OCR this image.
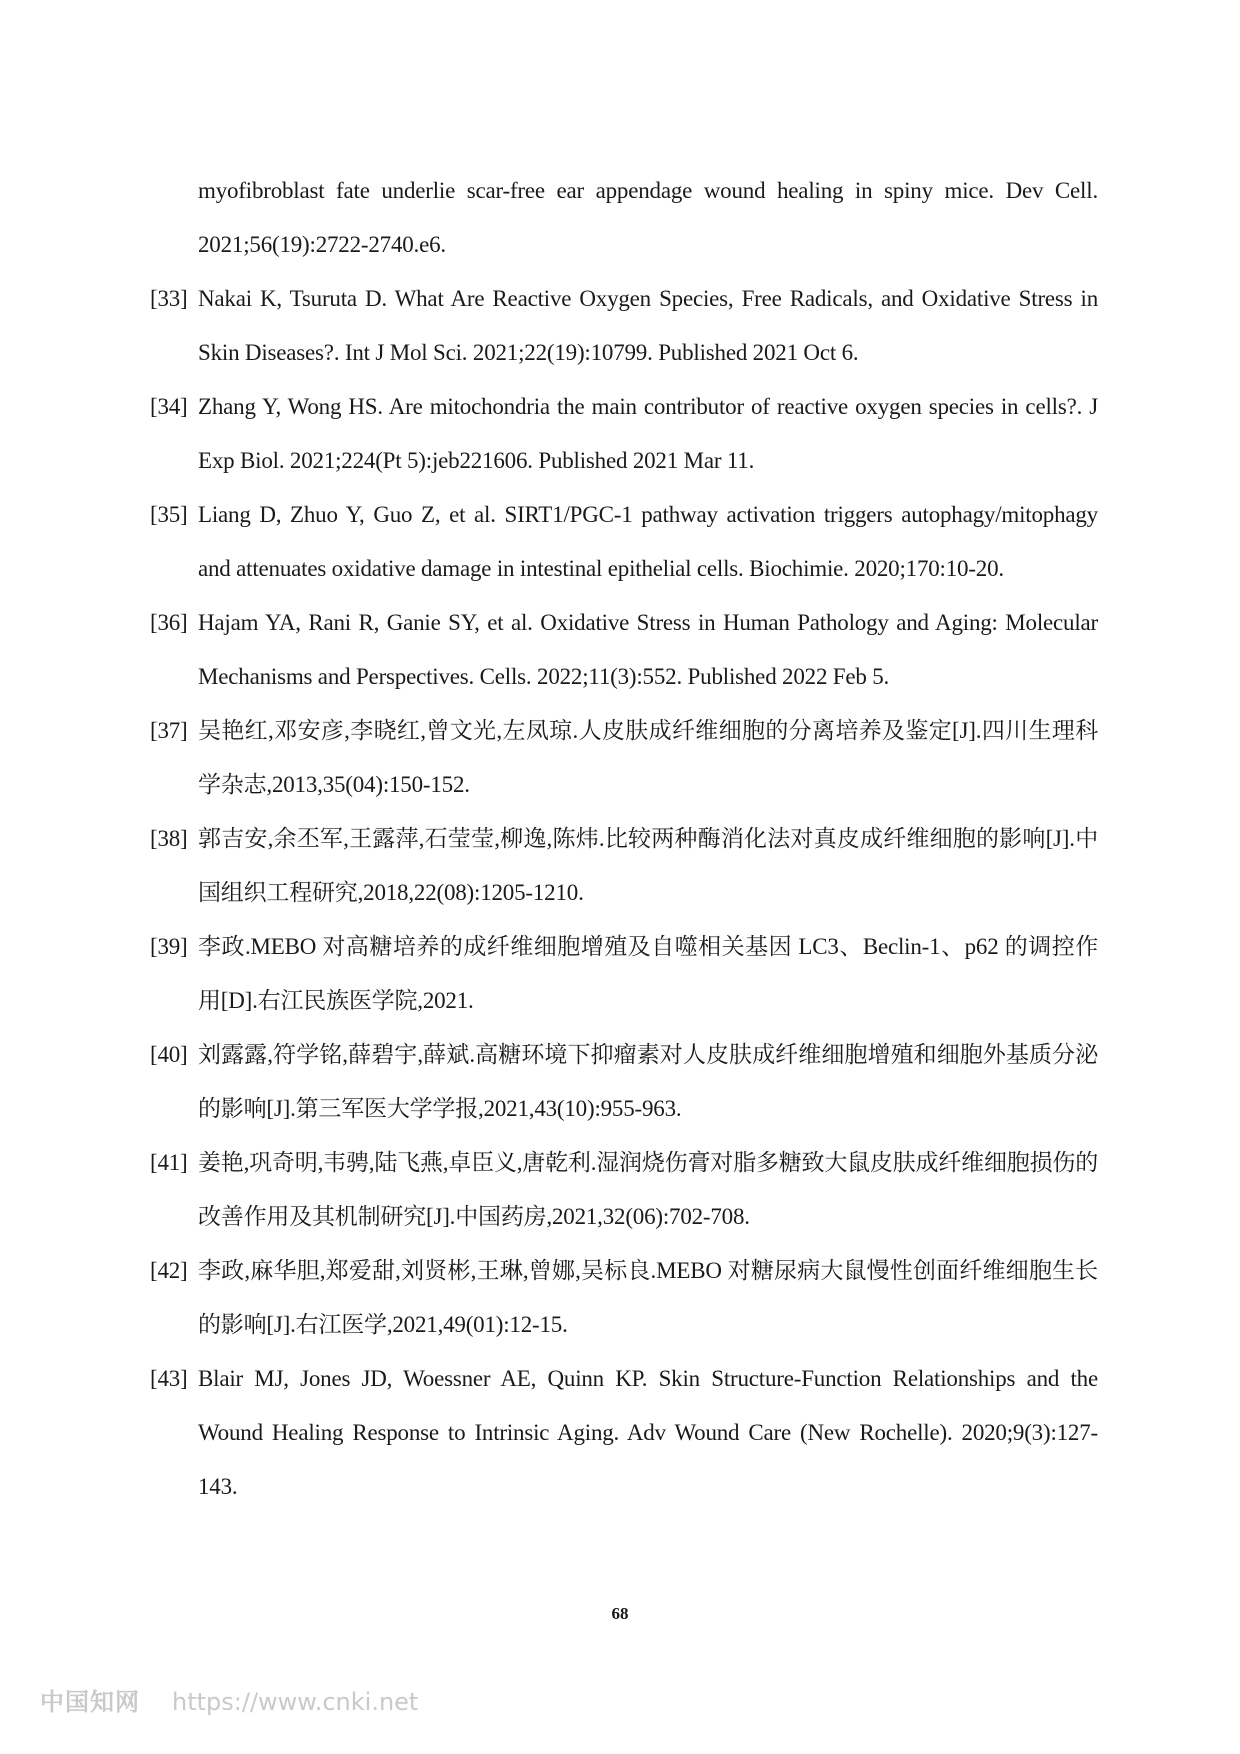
myofibroblast fate underlie scar-free ear appendage wound healing in spiny mice. Dev Cell. 2021;56(19):2722-2740.e6.
[33] Nakai K, Tsuruta D. What Are Reactive Oxygen Species, Free Radicals, and Oxidative Stress in Skin Diseases?. Int J Mol Sci. 2021;22(19):10799. Published 2021 Oct 6.
[34] Zhang Y, Wong HS. Are mitochondria the main contributor of reactive oxygen species in cells?. J Exp Biol. 2021;224(Pt 5):jeb221606. Published 2021 Mar 11.
[35] Liang D, Zhuo Y, Guo Z, et al. SIRT1/PGC-1 pathway activation triggers autophagy/mitophagy and attenuates oxidative damage in intestinal epithelial cells. Biochimie. 2020;170:10-20.
[36] Hajam YA, Rani R, Ganie SY, et al. Oxidative Stress in Human Pathology and Aging: Molecular Mechanisms and Perspectives. Cells. 2022;11(3):552. Published 2022 Feb 5.
[37] 吴艳红,邓安彦,李晓红,曾文光,左凤琼.人皮肤成纤维细胞的分离培养及鉴定[J].四川生理科学杂志,2013,35(04):150-152.
[38] 郭吉安,余丕军,王露萍,石莹莹,柳逸,陈炜.比较两种酶消化法对真皮成纤维细胞的影响[J].中国组织工程研究,2018,22(08):1205-1210.
[39] 李政.MEBO 对高糖培养的成纤维细胞增殖及自噬相关基因 LC3、Beclin-1、p62 的调控作用[D].右江民族医学院,2021.
[40] 刘露露,符学铭,薛碧宇,薛斌.高糖环境下抑瘤素对人皮肤成纤维细胞增殖和细胞外基质分泌的影响[J].第三军医大学学报,2021,43(10):955-963.
[41] 姜艳,巩奇明,韦骋,陆飞燕,卓臣义,唐乾利.湿润烧伤膏对脂多糖致大鼠皮肤成纤维细胞损伤的改善作用及其机制研究[J].中国药房,2021,32(06):702-708.
[42] 李政,麻华胆,郑爱甜,刘贤彬,王琳,曾娜,吴标良.MEBO 对糖尿病大鼠慢性创面纤维细胞生长的影响[J].右江医学,2021,49(01):12-15.
[43] Blair MJ, Jones JD, Woessner AE, Quinn KP. Skin Structure-Function Relationships and the Wound Healing Response to Intrinsic Aging. Adv Wound Care (New Rochelle). 2020;9(3):127-143.
68
中国知网 https://www.cnki.net
